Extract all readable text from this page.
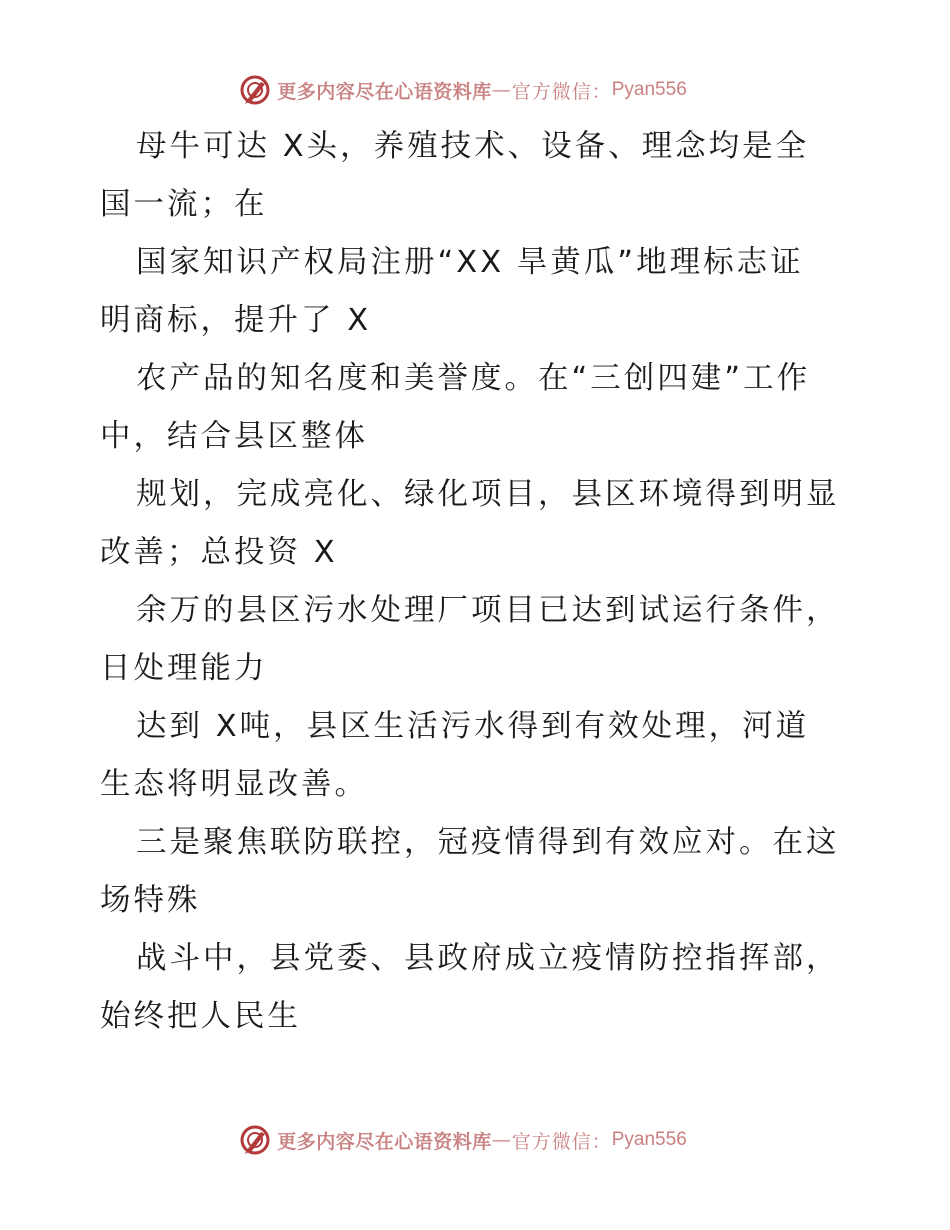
更多内容尽在心语资料库 — 官方微信： Pyan556
母牛可达 X头，养殖技术、设备、理念均是全
国一流；在
国家知识产权局注册“XX 旱黄瓜”地理标志证
明商标，提升了 X
农产品的知名度和美誉度。在“三创四建”工作
中，结合县区整体
规划，完成亮化、绿化项目，县区环境得到明显
改善；总投资 X
余万的县区污水处理厂项目已达到试运行条件，
日处理能力
达到 X吨，县区生活污水得到有效处理，河道
生态将明显改善。
三是聚焦联防联控，冠疫情得到有效应对。在这
场特殊
战斗中，县党委、县政府成立疫情防控指挥部，
始终把人民生
更多内容尽在心语资料库 — 官方微信： Pyan556
